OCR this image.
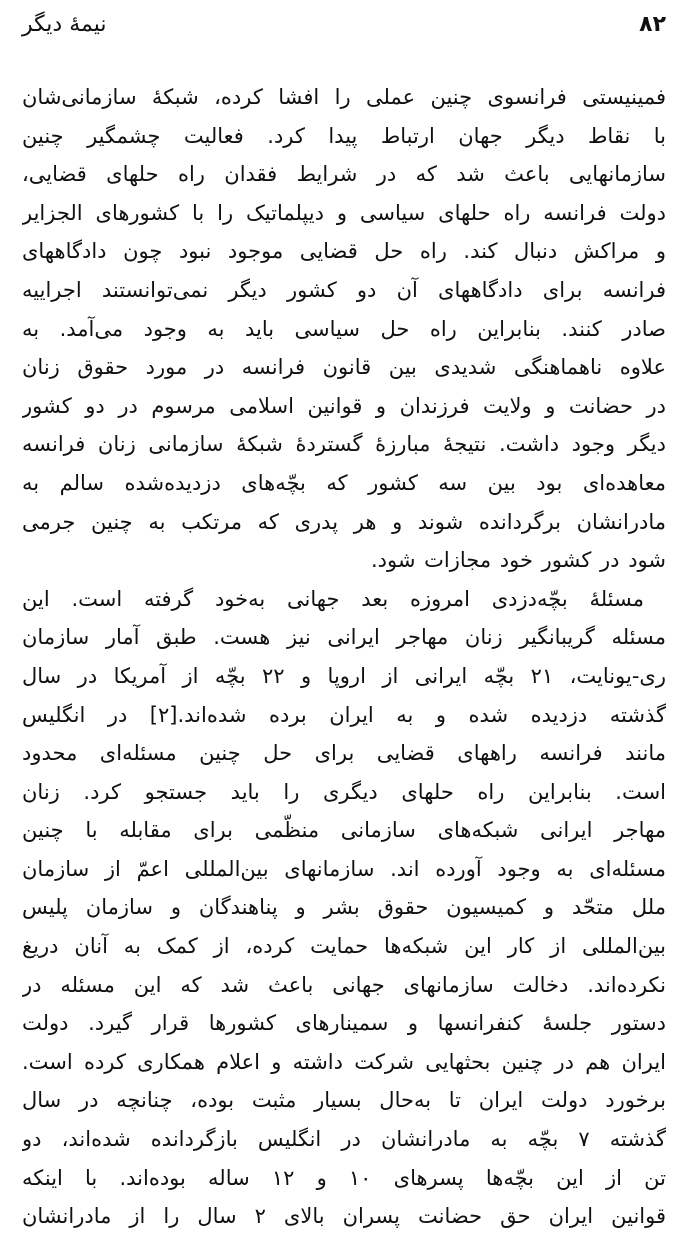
۸۲
نیمهٔ دیگر
فمینیستی فرانسوی چنین عملی را افشا کرده، شبکهٔ سازمانی‌شان
با نقاط دیگر جهان ارتباط پیدا کرد. فعالیت چشمگیر چنین
سازمانهایی باعث شد که در شرایط فقدان راه حلهای قضایی،
دولت فرانسه راه حلهای سیاسی و دیپلماتیک را با کشورهای الجزایر
و مراکش دنبال کند. راه حل قضایی موجود نبود چون دادگاههای
فرانسه برای دادگاههای آن دو کشور دیگر نمی‌توانستند اجراییه
صادر کنند. بنابراین راه حل سیاسی باید به وجود می‌آمد. به
علاوه ناهماهنگی شدیدی بین قانون فرانسه در مورد حقوق زنان
در حضانت و ولایت فرزندان و قوانین اسلامی مرسوم در دو کشور
دیگر وجود داشت. نتیجهٔ مبارزهٔ گستردهٔ شبکهٔ سازمانی زنان فرانسه
معاهده‌ای بود بین سه کشور که بچّه‌های دزدیده‌شده سالم به
مادرانشان برگردانده شوند و هر پدری که مرتکب به چنین جرمی
شود در کشور خود مجازات شود.
مسئلهٔ بچّه‌دزدی امروزه بعد جهانی به‌خود گرفته است. این
مسئله گریبانگیر زنان مهاجر ایرانی نیز هست. طبق آمار سازمان
ری-یونایت، ۲۱ بچّه ایرانی از اروپا و ۲۲ بچّه از آمریکا در سال
گذشته دزدیده شده و به ایران برده شده‌اند.[۲] در انگلیس
مانند فرانسه راههای قضایی برای حل چنین مسئله‌ای محدود
است. بنابراین راه حلهای دیگری را باید جستجو کرد. زنان
مهاجر ایرانی شبکه‌های سازمانی منظّمی برای مقابله با چنین
مسئله‌ای به وجود آورده اند. سازمانهای بین‌المللی اعمّ از سازمان
ملل متحّد و کمیسیون حقوق بشر و پناهندگان و سازمان پلیس
بین‌المللی از کار این شبکه‌ها حمایت کرده، از کمک به آنان دریغ
نکرده‌اند. دخالت سازمانهای جهانی باعث شد که این مسئله در
دستور جلسهٔ کنفرانسها و سمینارهای کشورها قرار گیرد. دولت
ایران هم در چنین بحثهایی شرکت داشته و اعلام همکاری کرده است.
برخورد دولت ایران تا به‌حال بسیار مثبت بوده، چنانچه در سال
گذشته ۷ بچّه به مادرانشان در انگلیس بازگردانده شده‌اند، دو
تن از این بچّه‌ها پسرهای ۱۰ و ۱۲ ساله بوده‌اند. با اینکه
قوانین ایران حق حضانت پسران بالای ۲ سال را از مادرانشان
